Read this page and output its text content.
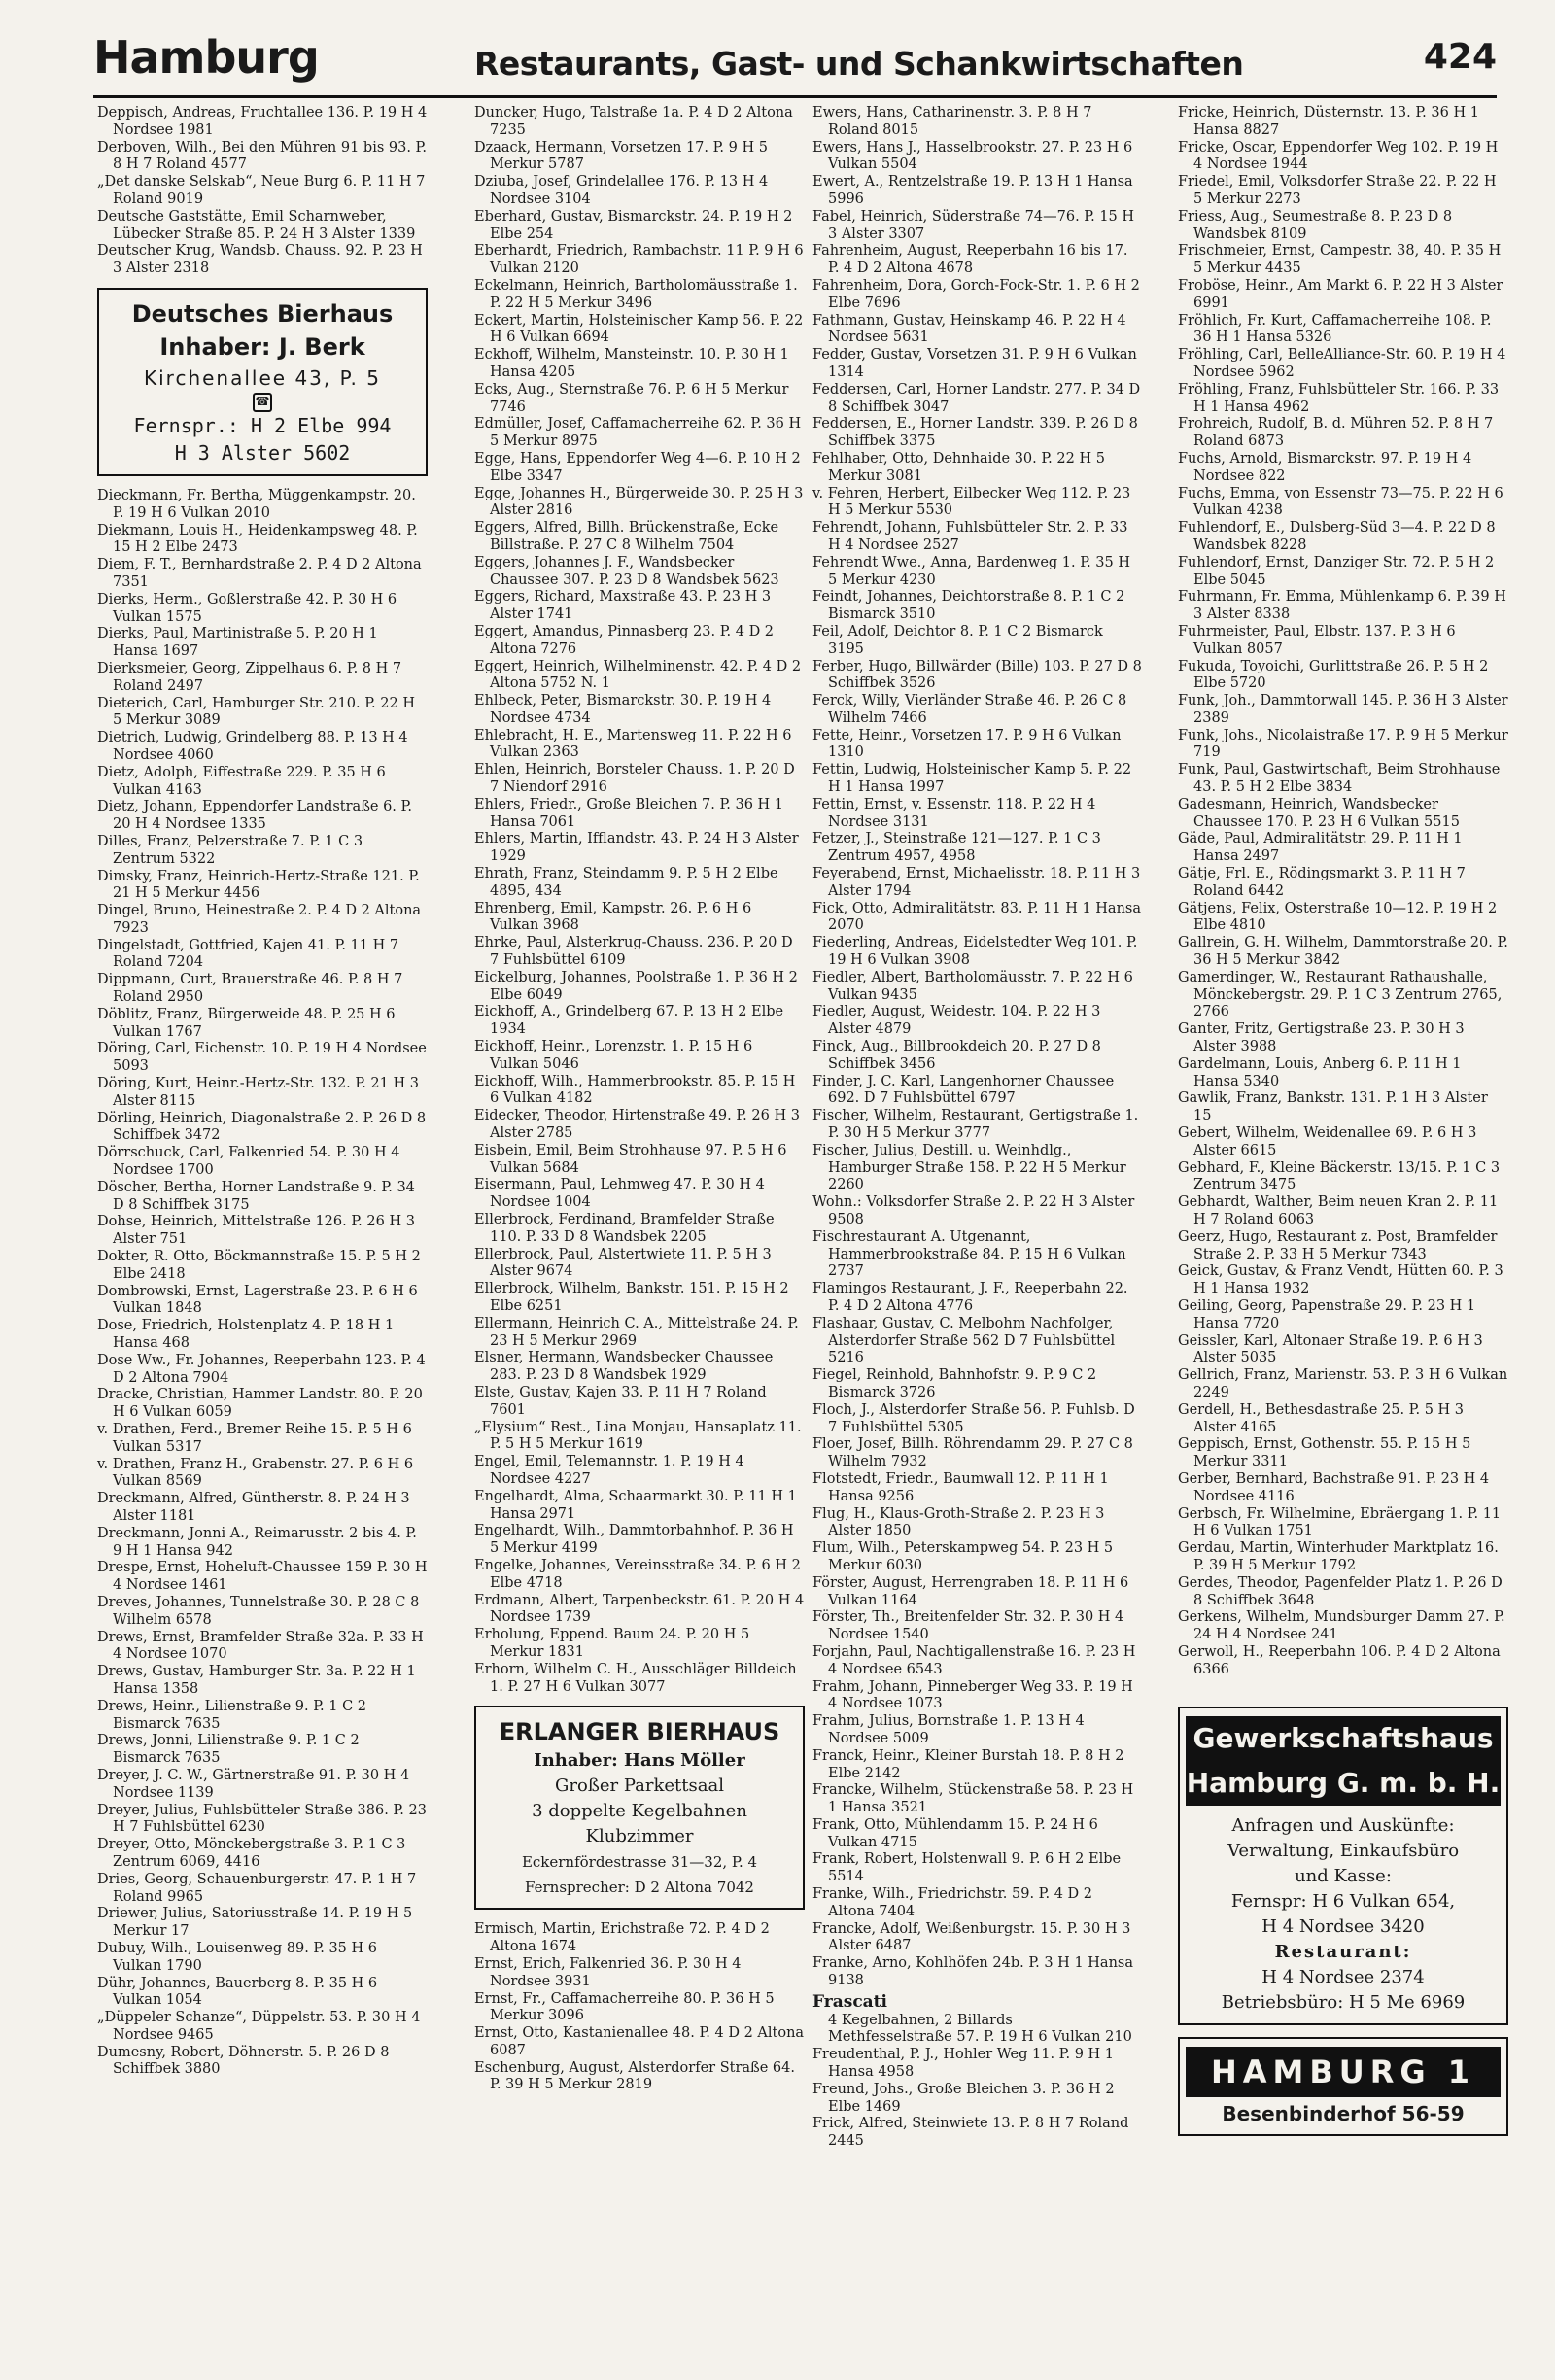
Hamburg	Restaurants, Gast- und Schankwirtschaften	424
Deppisch, Andreas, Fruchtallee 136. P. 19 H 4 Nordsee 1981
Derboven, Wilh., Bei den Mühren 91 bis 93. P. 8 H 7 Roland 4577
„Det danske Selskab“, Neue Burg 6. P. 11 H 7 Roland 9019
Deutsche Gaststätte, Emil Scharnweber, Lübecker Straße 85. P. 24 H 3 Alster 1339
Deutscher Krug, Wandsb. Chauss. 92. P. 23 H 3 Alster 2318
Deutsches Bierhaus
Inhaber: J. Berk
Kirchenallee 43, P. 5
☎
Fernspr.: H 2 Elbe 994
H 3 Alster 5602
Dieckmann, Fr. Bertha, Müggenkampstr. 20. P. 19 H 6 Vulkan 2010
Diekmann, Louis H., Heidenkampsweg 48. P. 15 H 2 Elbe 2473
Diem, F. T., Bernhardstraße 2. P. 4 D 2 Altona 7351
Dierks, Herm., Goßlerstraße 42. P. 30 H 6 Vulkan 1575
Dierks, Paul, Martinistraße 5. P. 20 H 1 Hansa 1697
Dierksmeier, Georg, Zippelhaus 6. P. 8 H 7 Roland 2497
Dieterich, Carl, Hamburger Str. 210. P. 22 H 5 Merkur 3089
Dietrich, Ludwig, Grindelberg 88. P. 13 H 4 Nordsee 4060
Dietz, Adolph, Eiffestraße 229. P. 35 H 6 Vulkan 4163
Dietz, Johann, Eppendorfer Landstraße 6. P. 20 H 4 Nordsee 1335
Dilles, Franz, Pelzerstraße 7. P. 1 C 3 Zentrum 5322
Dimsky, Franz, Heinrich-Hertz-Straße 121. P. 21 H 5 Merkur 4456
Dingel, Bruno, Heinestraße 2. P. 4 D 2 Altona 7923
Dingelstadt, Gottfried, Kajen 41. P. 11 H 7 Roland 7204
Dippmann, Curt, Brauerstraße 46. P. 8 H 7 Roland 2950
Döblitz, Franz, Bürgerweide 48. P. 25 H 6 Vulkan 1767
Döring, Carl, Eichenstr. 10. P. 19 H 4 Nordsee 5093
Döring, Kurt, Heinr.-Hertz-Str. 132. P. 21 H 3 Alster 8115
Dörling, Heinrich, Diagonalstraße 2. P. 26 D 8 Schiffbek 3472
Dörrschuck, Carl, Falkenried 54. P. 30 H 4 Nordsee 1700
Döscher, Bertha, Horner Landstraße 9. P. 34 D 8 Schiffbek 3175
Dohse, Heinrich, Mittelstraße 126. P. 26 H 3 Alster 751
Dokter, R. Otto, Böckmannstraße 15. P. 5 H 2 Elbe 2418
Dombrowski, Ernst, Lagerstraße 23. P. 6 H 6 Vulkan 1848
Dose, Friedrich, Holstenplatz 4. P. 18 H 1 Hansa 468
Dose Ww., Fr. Johannes, Reeperbahn 123. P. 4 D 2 Altona 7904
Dracke, Christian, Hammer Landstr. 80. P. 20 H 6 Vulkan 6059
v. Drathen, Ferd., Bremer Reihe 15. P. 5 H 6 Vulkan 5317
v. Drathen, Franz H., Grabenstr. 27. P. 6 H 6 Vulkan 8569
Dreckmann, Alfred, Güntherstr. 8. P. 24 H 3 Alster 1181
Dreckmann, Jonni A., Reimarusstr. 2 bis 4. P. 9 H 1 Hansa 942
Drespe, Ernst, Hoheluft-Chaussee 159 P. 30 H 4 Nordsee 1461
Dreves, Johannes, Tunnelstraße 30. P. 28 C 8 Wilhelm 6578
Drews, Ernst, Bramfelder Straße 32a. P. 33 H 4 Nordsee 1070
Drews, Gustav, Hamburger Str. 3a. P. 22 H 1 Hansa 1358
Drews, Heinr., Lilienstraße 9. P. 1 C 2 Bismarck 7635
Drews, Jonni, Lilienstraße 9. P. 1 C 2 Bismarck 7635
Dreyer, J. C. W., Gärtnerstraße 91. P. 30 H 4 Nordsee 1139
Dreyer, Julius, Fuhlsbütteler Straße 386. P. 23 H 7 Fuhlsbüttel 6230
Dreyer, Otto, Mönckebergstraße 3. P. 1 C 3 Zentrum 6069, 4416
Dries, Georg, Schauenburgerstr. 47. P. 1 H 7 Roland 9965
Driewer, Julius, Satoriusstraße 14. P. 19 H 5 Merkur 17
Dubuy, Wilh., Louisenweg 89. P. 35 H 6 Vulkan 1790
Dühr, Johannes, Bauerberg 8. P. 35 H 6 Vulkan 1054
„Düppeler Schanze“, Düppelstr. 53. P. 30 H 4 Nordsee 9465
Dumesny, Robert, Döhnerstr. 5. P. 26 D 8 Schiffbek 3880
Duncker, Hugo, Talstraße 1a. P. 4 D 2 Altona 7235
Dzaack, Hermann, Vorsetzen 17. P. 9 H 5 Merkur 5787
Dziuba, Josef, Grindelallee 176. P. 13 H 4 Nordsee 3104
Eberhard, Gustav, Bismarckstr. 24. P. 19 H 2 Elbe 254
Eberhardt, Friedrich, Rambachstr. 11 P. 9 H 6 Vulkan 2120
Eckelmann, Heinrich, Bartholomäusstraße 1. P. 22 H 5 Merkur 3496
Eckert, Martin, Holsteinischer Kamp 56. P. 22 H 6 Vulkan 6694
Eckhoff, Wilhelm, Mansteinstr. 10. P. 30 H 1 Hansa 4205
Ecks, Aug., Sternstraße 76. P. 6 H 5 Merkur 7746
Edmüller, Josef, Caffamacherreihe 62. P. 36 H 5 Merkur 8975
Egge, Hans, Eppendorfer Weg 4—6. P. 10 H 2 Elbe 3347
Egge, Johannes H., Bürgerweide 30. P. 25 H 3 Alster 2816
Eggers, Alfred, Billh. Brückenstraße, Ecke Billstraße. P. 27 C 8 Wilhelm 7504
Eggers, Johannes J. F., Wandsbecker Chaussee 307. P. 23 D 8 Wandsbek 5623
Eggers, Richard, Maxstraße 43. P. 23 H 3 Alster 1741
Eggert, Amandus, Pinnasberg 23. P. 4 D 2 Altona 7276
Eggert, Heinrich, Wilhelminenstr. 42. P. 4 D 2 Altona 5752 N. 1
Ehlbeck, Peter, Bismarckstr. 30. P. 19 H 4 Nordsee 4734
Ehlebracht, H. E., Martensweg 11. P. 22 H 6 Vulkan 2363
Ehlen, Heinrich, Borsteler Chauss. 1. P. 20 D 7 Niendorf 2916
Ehlers, Friedr., Große Bleichen 7. P. 36 H 1 Hansa 7061
Ehlers, Martin, Ifflandstr. 43. P. 24 H 3 Alster 1929
Ehrath, Franz, Steindamm 9. P. 5 H 2 Elbe 4895, 434
Ehrenberg, Emil, Kampstr. 26. P. 6 H 6 Vulkan 3968
Ehrke, Paul, Alsterkrug-Chauss. 236. P. 20 D 7 Fuhlsbüttel 6109
Eickelburg, Johannes, Poolstraße 1. P. 36 H 2 Elbe 6049
Eickhoff, A., Grindelberg 67. P. 13 H 2 Elbe 1934
Eickhoff, Heinr., Lorenzstr. 1. P. 15 H 6 Vulkan 5046
Eickhoff, Wilh., Hammerbrookstr. 85. P. 15 H 6 Vulkan 4182
Eidecker, Theodor, Hirtenstraße 49. P. 26 H 3 Alster 2785
Eisbein, Emil, Beim Strohhause 97. P. 5 H 6 Vulkan 5684
Eisermann, Paul, Lehmweg 47. P. 30 H 4 Nordsee 1004
Ellerbrock, Ferdinand, Bramfelder Straße 110. P. 33 D 8 Wandsbek 2205
Ellerbrock, Paul, Alstertwiete 11. P. 5 H 3 Alster 9674
Ellerbrock, Wilhelm, Bankstr. 151. P. 15 H 2 Elbe 6251
Ellermann, Heinrich C. A., Mittelstraße 24. P. 23 H 5 Merkur 2969
Elsner, Hermann, Wandsbecker Chaussee 283. P. 23 D 8 Wandsbek 1929
Elste, Gustav, Kajen 33. P. 11 H 7 Roland 7601
„Elysium“ Rest., Lina Monjau, Hansaplatz 11. P. 5 H 5 Merkur 1619
Engel, Emil, Telemannstr. 1. P. 19 H 4 Nordsee 4227
Engelhardt, Alma, Schaarmarkt 30. P. 11 H 1 Hansa 2971
Engelhardt, Wilh., Dammtorbahnhof. P. 36 H 5 Merkur 4199
Engelke, Johannes, Vereinsstraße 34. P. 6 H 2 Elbe 4718
Erdmann, Albert, Tarpenbeckstr. 61. P. 20 H 4 Nordsee 1739
Erholung, Eppend. Baum 24. P. 20 H 5 Merkur 1831
Erhorn, Wilhelm C. H., Ausschläger Billdeich 1. P. 27 H 6 Vulkan 3077
ERLANGER BIERHAUS
Inhaber: Hans Möller
Großer Parkettsaal
3 doppelte Kegelbahnen
Klubzimmer
Eckernfördestrasse 31—32, P. 4
Fernsprecher: D 2 Altona 7042
Ermisch, Martin, Erichstraße 72. P. 4 D 2 Altona 1674
Ernst, Erich, Falkenried 36. P. 30 H 4 Nordsee 3931
Ernst, Fr., Caffamacherreihe 80. P. 36 H 5 Merkur 3096
Ernst, Otto, Kastanienallee 48. P. 4 D 2 Altona 6087
Eschenburg, August, Alsterdorfer Straße 64. P. 39 H 5 Merkur 2819
Ewers, Hans, Catharinenstr. 3. P. 8 H 7 Roland 8015
Ewers, Hans J., Hasselbrookstr. 27. P. 23 H 6 Vulkan 5504
Ewert, A., Rentzelstraße 19. P. 13 H 1 Hansa 5996
Fabel, Heinrich, Süderstraße 74—76. P. 15 H 3 Alster 3307
Fahrenheim, August, Reeperbahn 16 bis 17. P. 4 D 2 Altona 4678
Fahrenheim, Dora, Gorch-Fock-Str. 1. P. 6 H 2 Elbe 7696
Fathmann, Gustav, Heinskamp 46. P. 22 H 4 Nordsee 5631
Fedder, Gustav, Vorsetzen 31. P. 9 H 6 Vulkan 1314
Feddersen, Carl, Horner Landstr. 277. P. 34 D 8 Schiffbek 3047
Feddersen, E., Horner Landstr. 339. P. 26 D 8 Schiffbek 3375
Fehlhaber, Otto, Dehnhaide 30. P. 22 H 5 Merkur 3081
v. Fehren, Herbert, Eilbecker Weg 112. P. 23 H 5 Merkur 5530
Fehrendt, Johann, Fuhlsbütteler Str. 2. P. 33 H 4 Nordsee 2527
Fehrendt Wwe., Anna, Bardenweg 1. P. 35 H 5 Merkur 4230
Feindt, Johannes, Deichtorstraße 8. P. 1 C 2 Bismarck 3510
Feil, Adolf, Deichtor 8. P. 1 C 2 Bismarck 3195
Ferber, Hugo, Billwärder (Bille) 103. P. 27 D 8 Schiffbek 3526
Ferck, Willy, Vierländer Straße 46. P. 26 C 8 Wilhelm 7466
Fette, Heinr., Vorsetzen 17. P. 9 H 6 Vulkan 1310
Fettin, Ludwig, Holsteinischer Kamp 5. P. 22 H 1 Hansa 1997
Fettin, Ernst, v. Essenstr. 118. P. 22 H 4 Nordsee 3131
Fetzer, J., Steinstraße 121—127. P. 1 C 3 Zentrum 4957, 4958
Feyerabend, Ernst, Michaelisstr. 18. P. 11 H 3 Alster 1794
Fick, Otto, Admiralitätstr. 83. P. 11 H 1 Hansa 2070
Fiederling, Andreas, Eidelstedter Weg 101. P. 19 H 6 Vulkan 3908
Fiedler, Albert, Bartholomäusstr. 7. P. 22 H 6 Vulkan 9435
Fiedler, August, Weidestr. 104. P. 22 H 3 Alster 4879
Finck, Aug., Billbrookdeich 20. P. 27 D 8 Schiffbek 3456
Finder, J. C. Karl, Langenhorner Chaussee 692. D 7 Fuhlsbüttel 6797
Fischer, Wilhelm, Restaurant, Gertigstraße 1. P. 30 H 5 Merkur 3777
Fischer, Julius, Destill. u. Weinhdlg., Hamburger Straße 158. P. 22 H 5 Merkur 2260
Wohn.: Volksdorfer Straße 2. P. 22 H 3 Alster 9508
Fischrestaurant A. Utgenannt, Hammerbrookstraße 84. P. 15 H 6 Vulkan 2737
Flamingos Restaurant, J. F., Reeperbahn 22. P. 4 D 2 Altona 4776
Flashaar, Gustav, C. Melbohm Nachfolger, Alsterdorfer Straße 562 D 7 Fuhlsbüttel 5216
Fiegel, Reinhold, Bahnhofstr. 9. P. 9 C 2 Bismarck 3726
Floch, J., Alsterdorfer Straße 56. P. Fuhlsb. D 7 Fuhlsbüttel 5305
Floer, Josef, Billh. Röhrendamm 29. P. 27 C 8 Wilhelm 7932
Flotstedt, Friedr., Baumwall 12. P. 11 H 1 Hansa 9256
Flug, H., Klaus-Groth-Straße 2. P. 23 H 3 Alster 1850
Flum, Wilh., Peterskampweg 54. P. 23 H 5 Merkur 6030
Förster, August, Herrengraben 18. P. 11 H 6 Vulkan 1164
Förster, Th., Breitenfelder Str. 32. P. 30 H 4 Nordsee 1540
Forjahn, Paul, Nachtigallenstraße 16. P. 23 H 4 Nordsee 6543
Frahm, Johann, Pinneberger Weg 33. P. 19 H 4 Nordsee 1073
Frahm, Julius, Bornstraße 1. P. 13 H 4 Nordsee 5009
Franck, Heinr., Kleiner Burstah 18. P. 8 H 2 Elbe 2142
Francke, Wilhelm, Stückenstraße 58. P. 23 H 1 Hansa 3521
Frank, Otto, Mühlendamm 15. P. 24 H 6 Vulkan 4715
Frank, Robert, Holstenwall 9. P. 6 H 2 Elbe 5514
Franke, Wilh., Friedrichstr. 59. P. 4 D 2 Altona 7404
Francke, Adolf, Weißenburgstr. 15. P. 30 H 3 Alster 6487
Franke, Arno, Kohlhöfen 24b. P. 3 H 1 Hansa 9138
Frascati
4 Kegelbahnen, 2 Billards
Methfesselstraße 57. P. 19 H 6 Vulkan 210
Freudenthal, P. J., Hohler Weg 11. P. 9 H 1 Hansa 4958
Freund, Johs., Große Bleichen 3. P. 36 H 2 Elbe 1469
Frick, Alfred, Steinwiete 13. P. 8 H 7 Roland 2445
Fricke, Heinrich, Düsternstr. 13. P. 36 H 1 Hansa 8827
Fricke, Oscar, Eppendorfer Weg 102. P. 19 H 4 Nordsee 1944
Friedel, Emil, Volksdorfer Straße 22. P. 22 H 5 Merkur 2273
Friess, Aug., Seumestraße 8. P. 23 D 8 Wandsbek 8109
Frischmeier, Ernst, Campestr. 38, 40. P. 35 H 5 Merkur 4435
Froböse, Heinr., Am Markt 6. P. 22 H 3 Alster 6991
Fröhlich, Fr. Kurt, Caffamacherreihe 108. P. 36 H 1 Hansa 5326
Fröhling, Carl, BelleAlliance-Str. 60. P. 19 H 4 Nordsee 5962
Fröhling, Franz, Fuhlsbütteler Str. 166. P. 33 H 1 Hansa 4962
Frohreich, Rudolf, B. d. Mühren 52. P. 8 H 7 Roland 6873
Fuchs, Arnold, Bismarckstr. 97. P. 19 H 4 Nordsee 822
Fuchs, Emma, von Essenstr 73—75. P. 22 H 6 Vulkan 4238
Fuhlendorf, E., Dulsberg-Süd 3—4. P. 22 D 8 Wandsbek 8228
Fuhlendorf, Ernst, Danziger Str. 72. P. 5 H 2 Elbe 5045
Fuhrmann, Fr. Emma, Mühlenkamp 6. P. 39 H 3 Alster 8338
Fuhrmeister, Paul, Elbstr. 137. P. 3 H 6 Vulkan 8057
Fukuda, Toyoichi, Gurlittstraße 26. P. 5 H 2 Elbe 5720
Funk, Joh., Dammtorwall 145. P. 36 H 3 Alster 2389
Funk, Johs., Nicolaistraße 17. P. 9 H 5 Merkur 719
Funk, Paul, Gastwirtschaft, Beim Strohhause 43. P. 5 H 2 Elbe 3834
Gadesmann, Heinrich, Wandsbecker Chaussee 170. P. 23 H 6 Vulkan 5515
Gäde, Paul, Admiralitätstr. 29. P. 11 H 1 Hansa 2497
Gätje, Frl. E., Rödingsmarkt 3. P. 11 H 7 Roland 6442
Gätjens, Felix, Osterstraße 10—12. P. 19 H 2 Elbe 4810
Gallrein, G. H. Wilhelm, Dammtorstraße 20. P. 36 H 5 Merkur 3842
Gamerdinger, W., Restaurant Rathaushalle, Mönckebergstr. 29. P. 1 C 3 Zentrum 2765, 2766
Ganter, Fritz, Gertigstraße 23. P. 30 H 3 Alster 3988
Gardelmann, Louis, Anberg 6. P. 11 H 1 Hansa 5340
Gawlik, Franz, Bankstr. 131. P. 1 H 3 Alster 15
Gebert, Wilhelm, Weidenallee 69. P. 6 H 3 Alster 6615
Gebhard, F., Kleine Bäckerstr. 13/15. P. 1 C 3 Zentrum 3475
Gebhardt, Walther, Beim neuen Kran 2. P. 11 H 7 Roland 6063
Geerz, Hugo, Restaurant z. Post, Bramfelder Straße 2. P. 33 H 5 Merkur 7343
Geick, Gustav, & Franz Vendt, Hütten 60. P. 3 H 1 Hansa 1932
Geiling, Georg, Papenstraße 29. P. 23 H 1 Hansa 7720
Geissler, Karl, Altonaer Straße 19. P. 6 H 3 Alster 5035
Gellrich, Franz, Marienstr. 53. P. 3 H 6 Vulkan 2249
Gerdell, H., Bethesdastraße 25. P. 5 H 3 Alster 4165
Geppisch, Ernst, Gothenstr. 55. P. 15 H 5 Merkur 3311
Gerber, Bernhard, Bachstraße 91. P. 23 H 4 Nordsee 4116
Gerbsch, Fr. Wilhelmine, Ebräergang 1. P. 11 H 6 Vulkan 1751
Gerdau, Martin, Winterhuder Marktplatz 16. P. 39 H 5 Merkur 1792
Gerdes, Theodor, Pagenfelder Platz 1. P. 26 D 8 Schiffbek 3648
Gerkens, Wilhelm, Mundsburger Damm 27. P. 24 H 4 Nordsee 241
Gerwoll, H., Reeperbahn 106. P. 4 D 2 Altona 6366
Gewerkschaftshaus
Hamburg G. m. b. H.
Anfragen und Auskünfte:
Verwaltung, Einkaufsbüro
und Kasse:
Fernspr: H 6 Vulkan 654,
H 4 Nordsee 3420
Restaurant:
H 4 Nordsee 2374
Betriebsbüro: H 5 Me 6969
HAMBURG 1
Besenbinderhof 56-59
